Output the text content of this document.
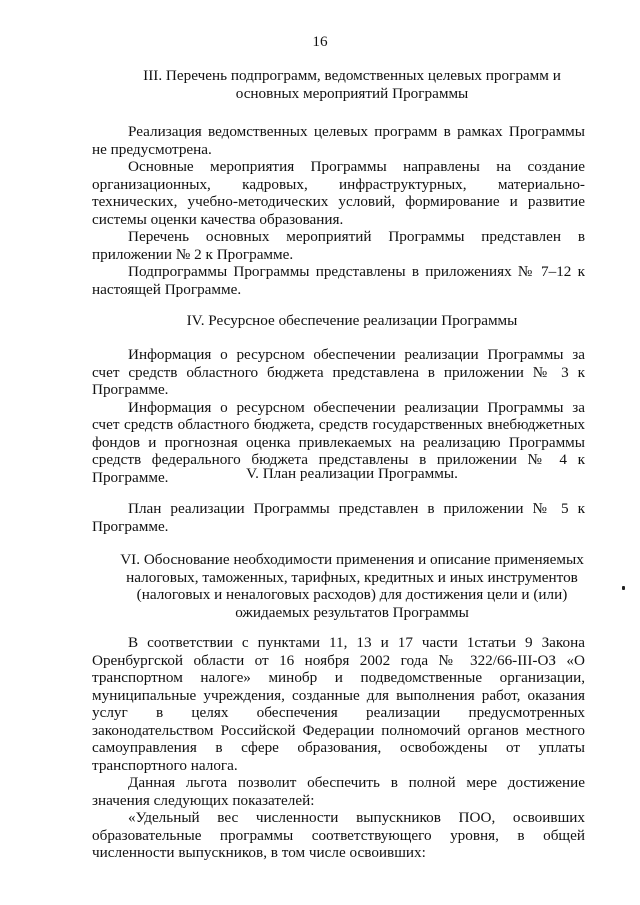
16
III. Перечень подпрограмм, ведомственных целевых программ и основных мероприятий Программы

Реализация ведомственных целевых программ в рамках Программы не предусмотрена.

Основные мероприятия Программы направлены на создание организационных, кадровых, инфраструктурных, материально-технических, учебно-методических условий, формирование и развитие системы оценки качества образования.

Перечень основных мероприятий Программы представлен в приложении № 2 к Программе.

Подпрограммы Программы представлены в приложениях № 7–12 к настоящей Программе.

IV. Ресурсное обеспечение реализации Программы

Информация о ресурсном обеспечении реализации Программы за счет средств областного бюджета представлена в приложении № 3 к Программе.

Информация о ресурсном обеспечении реализации Программы за счет средств областного бюджета, средств государственных внебюджетных фондов и прогнозная оценка привлекаемых на реализацию Программы средств федерального бюджета представлены в приложении № 4 к Программе.	V. План реализации Программы.

План реализации Программы представлен в приложении № 5 к Программе.

VI. Обоснование необходимости применения и описание применяемых налоговых, таможенных, тарифных, кредитных и иных инструментов (налоговых и неналоговых расходов) для достижения цели и (или) ожидаемых результатов Программы

В соответствии с пунктами 11, 13 и 17 части 1статьи 9 Закона Оренбургской области от 16 ноября 2002 года № 322/66-III-ОЗ «О транспортном налоге» минобр и подведомственные организации, муниципальные учреждения, созданные для выполнения работ, оказания услуг в целях обеспечения реализации предусмотренных законодательством Российской Федерации полномочий органов местного самоуправления в сфере образования, освобождены от уплаты транспортного налога.

Данная льгота позволит обеспечить в полной мере достижение значения следующих показателей:

«Удельный вес численности выпускников ПОО, освоивших образовательные программы соответствующего уровня, в общей численности выпускников, в том числе освоивших:
